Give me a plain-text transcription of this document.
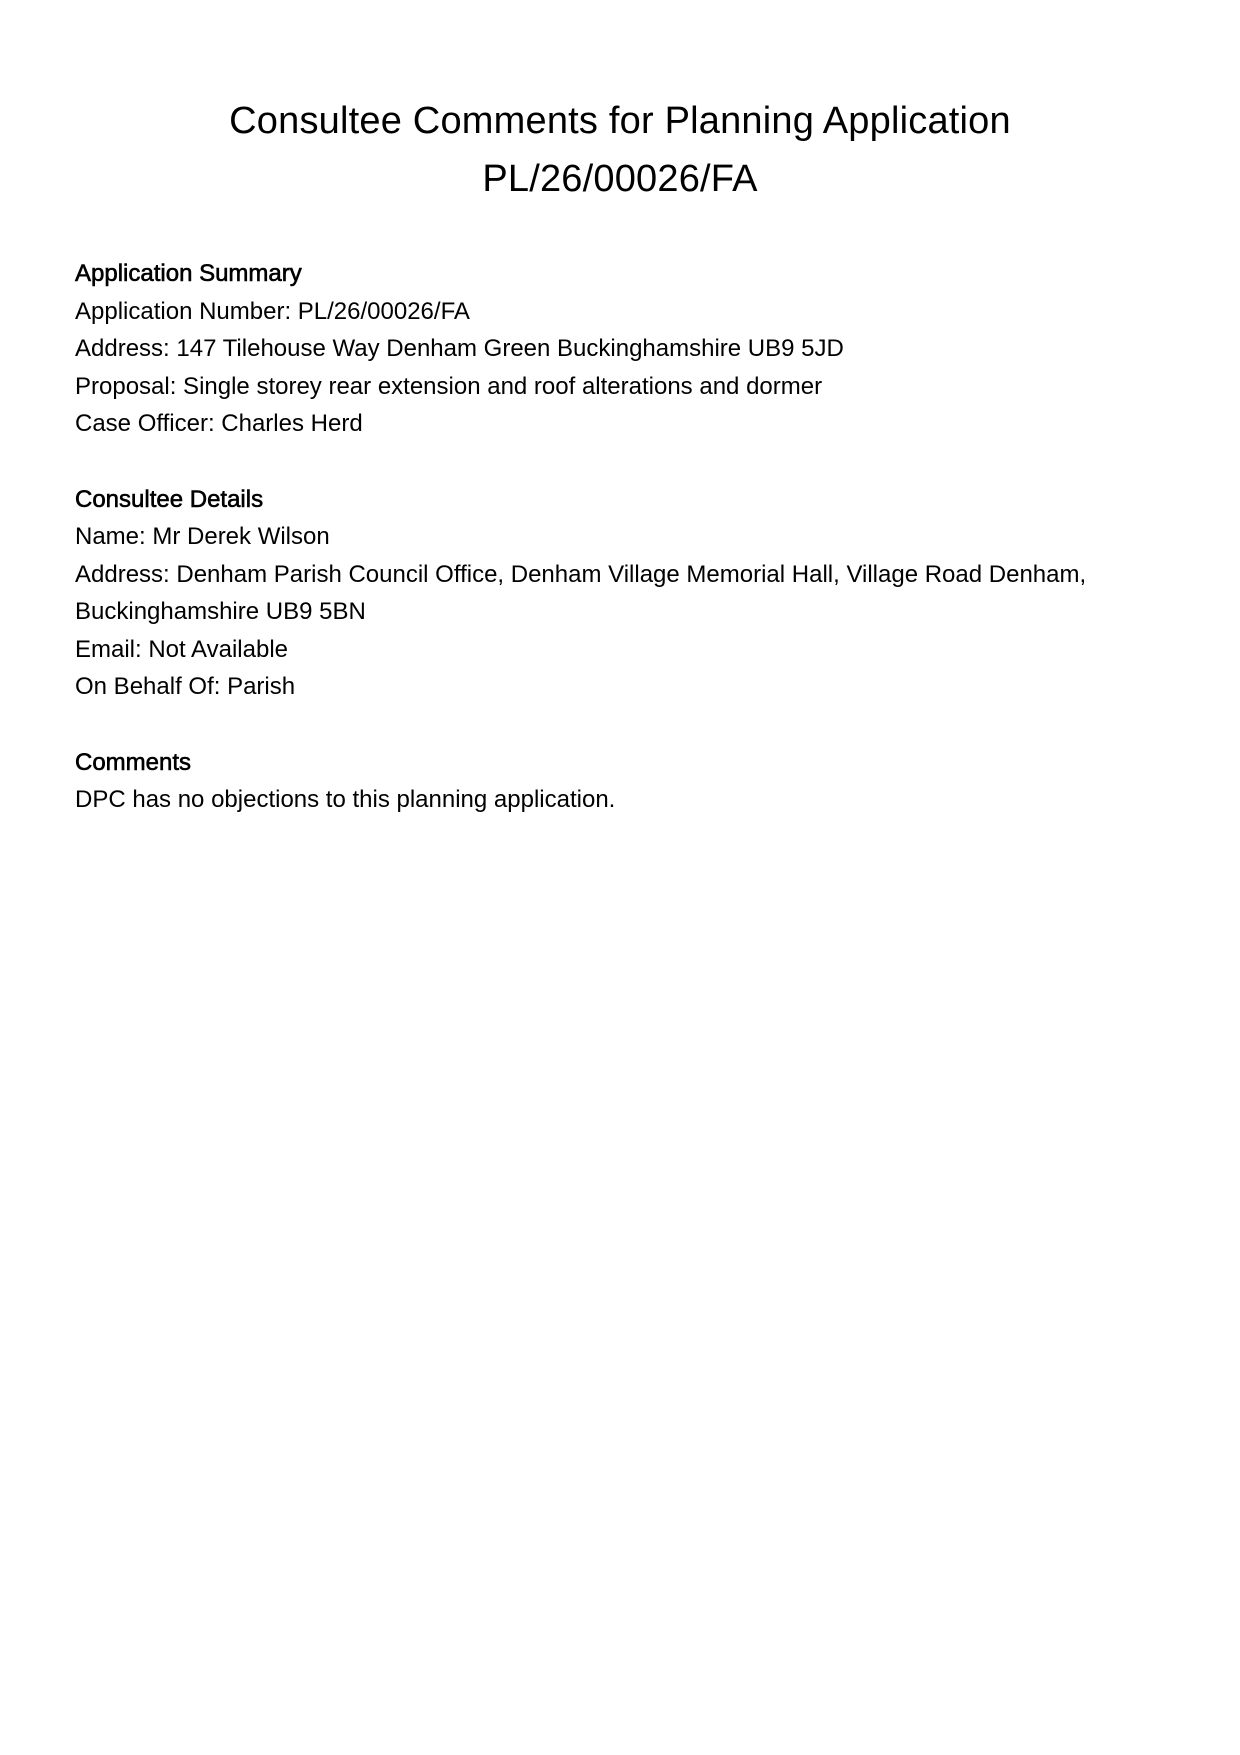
Consultee Comments for Planning Application
PL/26/00026/FA

Application Summary

Application Number: PL/26/00026/FA

Address: 147 Tilehouse Way Denham Green Buckinghamshire UB9 5JD

Proposal: Single storey rear extension and roof alterations and dormer

Case Officer: Charles Herd

Consultee Details

Name: Mr Derek Wilson

Address: Denham Parish Council Office, Denham Village Memorial Hall, Village Road Denham, Buckinghamshire UB9 5BN

Email: Not Available

On Behalf Of: Parish

Comments

DPC has no objections to this planning application.
